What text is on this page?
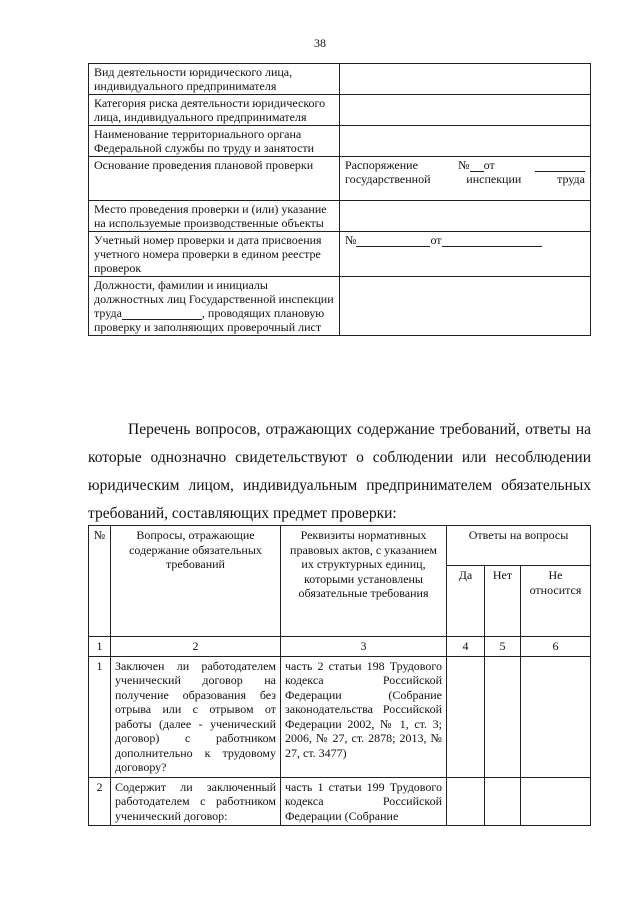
38
Вид деятельности юридического лица, индивидуального предпринимателя	
Категория риска деятельности юридического лица, индивидуального предпринимателя	
Наименование территориального органа Федеральной службы по труду и занятости	
Основание проведения плановой проверки	Распоряжение № от
государственной инспекции труда

Место проведения проверки и (или) указание на используемые производственные объекты	
Учетный номер проверки и дата присвоения учетного номера проверки в едином реестре проверок	№ от
Должности, фамилии и инициалы должностных лиц Государственной инспекции труда , проводящих плановую проверку и заполняющих проверочный лист	

Перечень вопросов, отражающих содержание требований, ответы на которые однозначно свидетельствуют о соблюдении или несоблюдении юридическим лицом, индивидуальным предпринимателем обязательных требований, составляющих предмет проверки:

№	Вопросы, отражающие содержание обязательных требований	Реквизиты нормативных правовых актов, с указанием их структурных единиц, которыми установлены обязательные требования	Ответы на вопросы		
			Да	Нет	Не относится
1	2	3	4	5	6
1	Заключен ли работодателем ученический договор на получение образования без отрыва или с отрывом от работы (далее - ученический договор) с работником дополнительно к трудовому договору?	часть 2 статьи 198 Трудового кодекса Российской Федерации (Собрание законодательства Российской Федерации 2002, № 1, ст. 3; 2006, № 27, ст. 2878; 2013, № 27, ст. 3477)			
2	Содержит ли заключенный работодателем с работником ученический договор:	часть 1 статьи 199 Трудового кодекса Российской Федерации (Собрание			
